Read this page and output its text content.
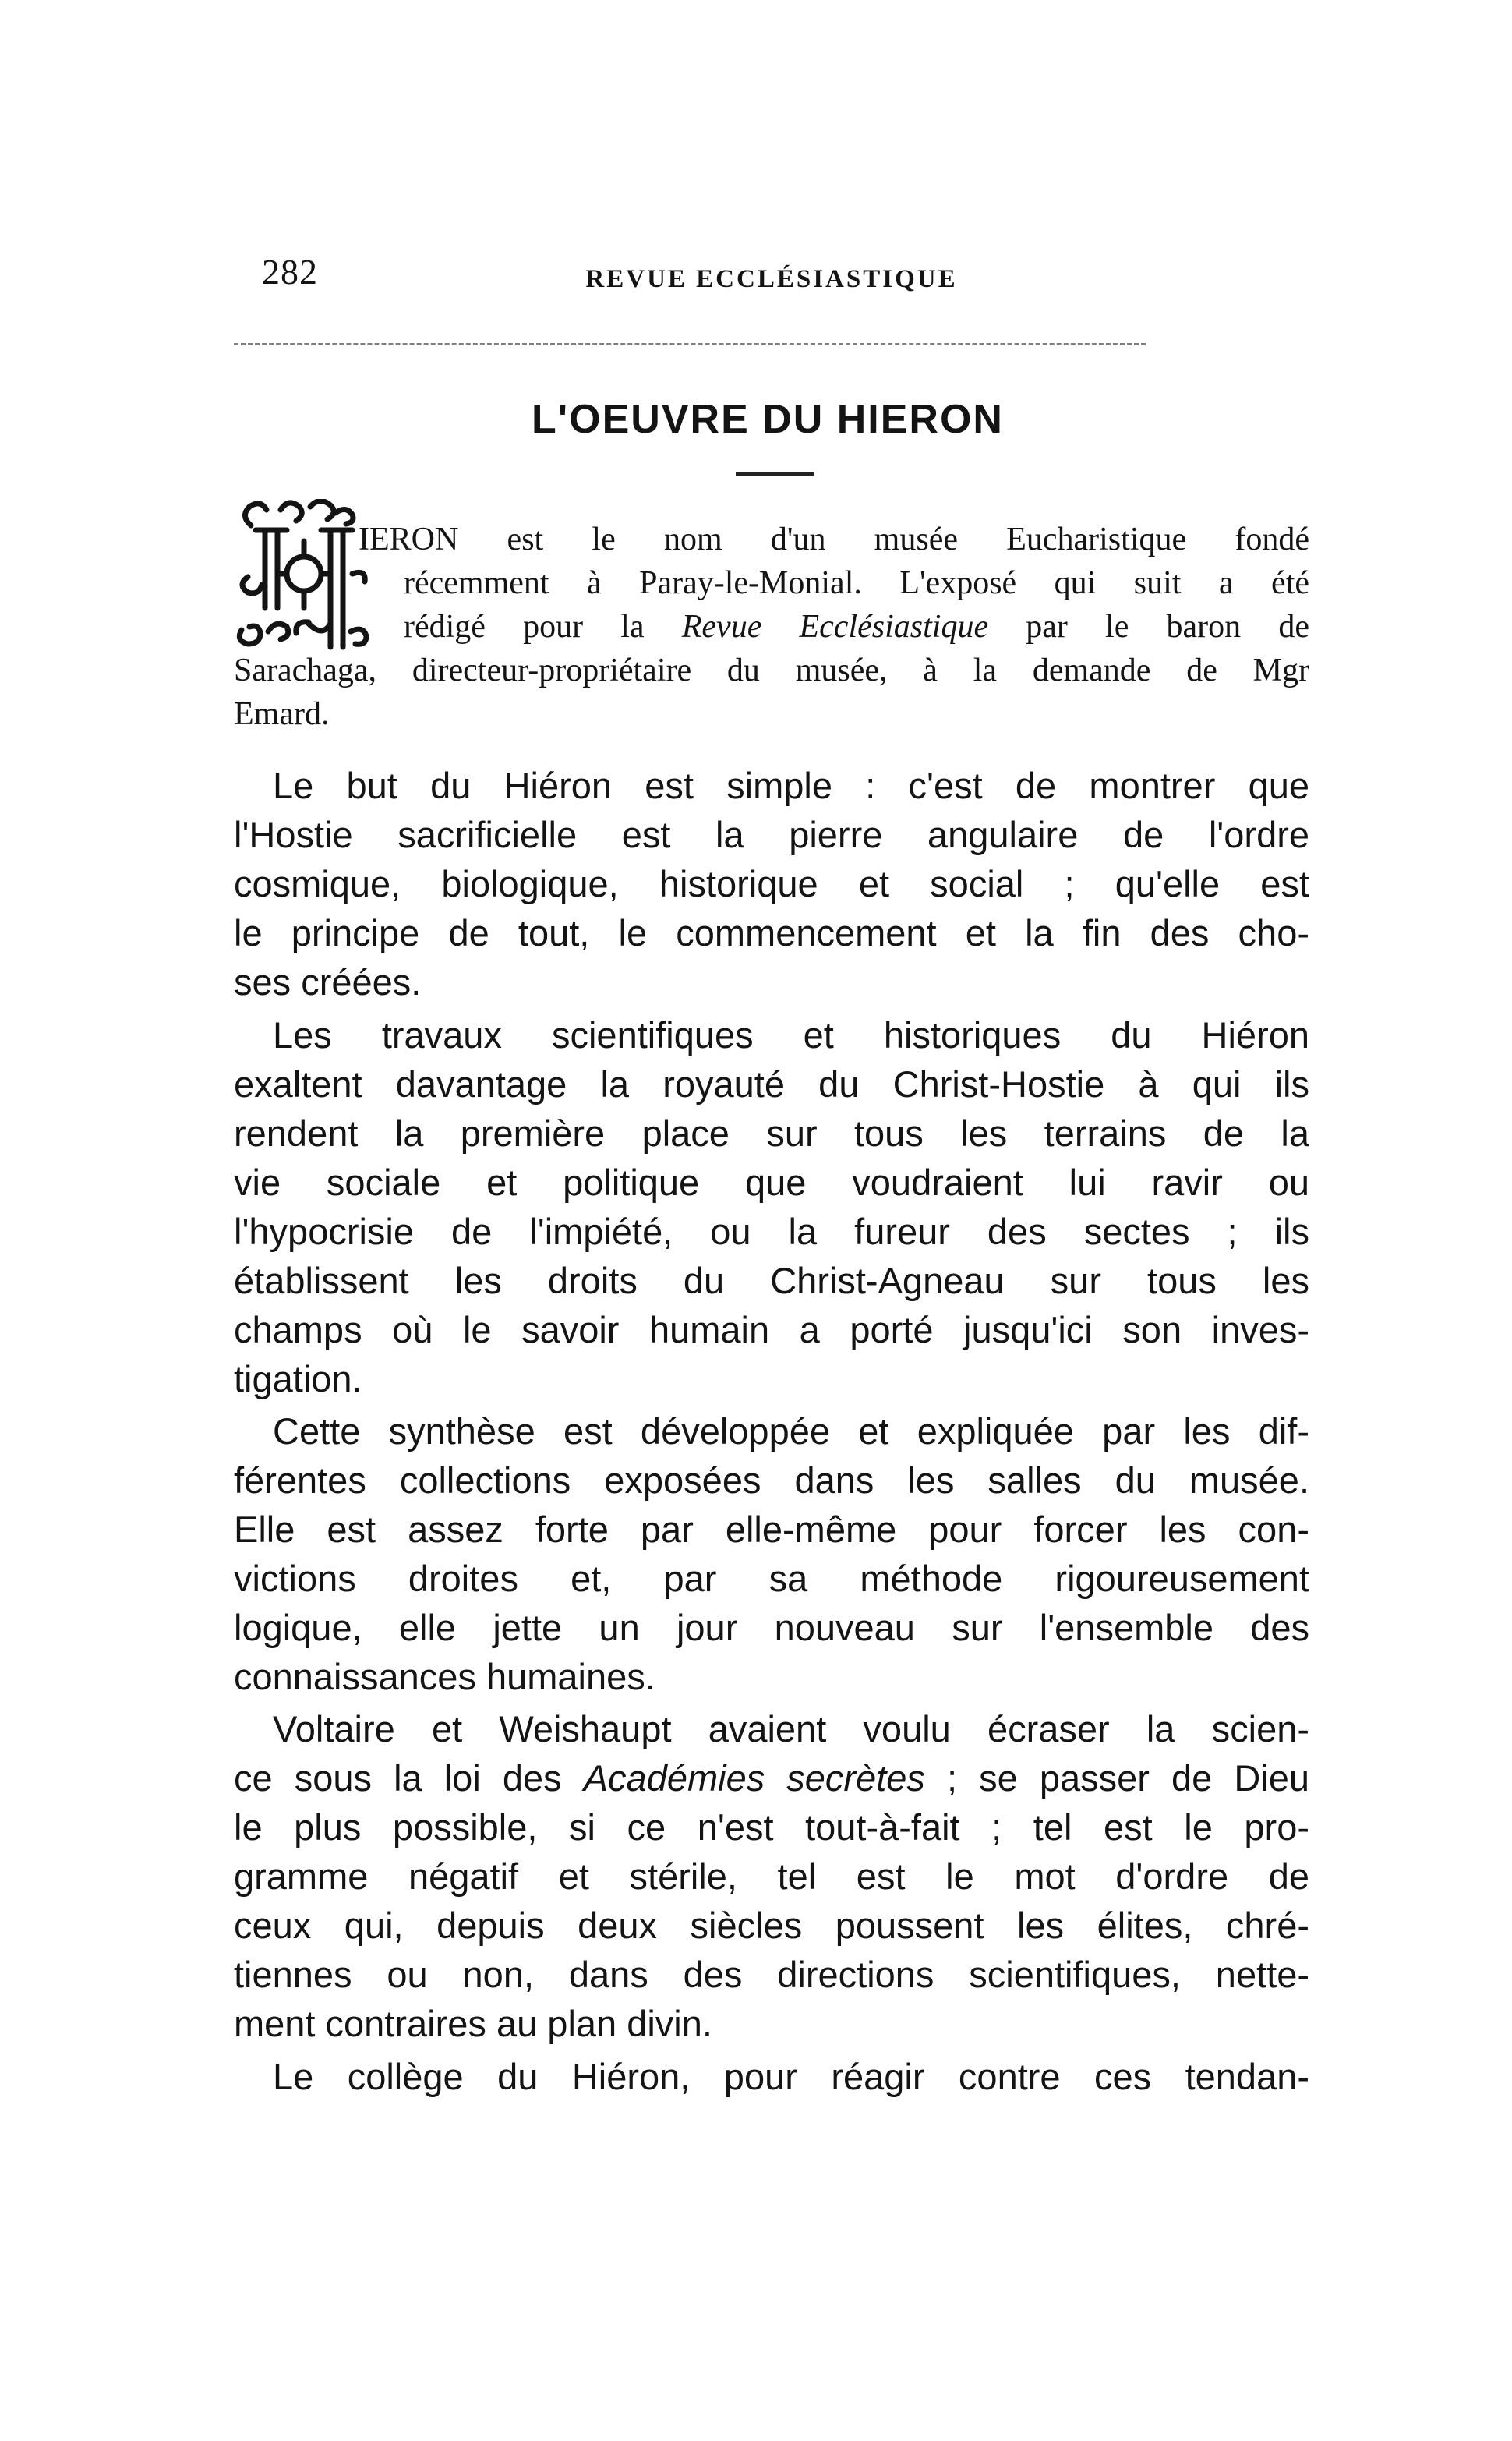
282	REVUE ECCLÉSIASTIQUE
L'OEUVRE DU HIERON
IERON est le nom d'un musée Eucharistique fondé
récemment à Paray-le-Monial. L'exposé qui suit a été
rédigé pour la Revue Ecclésiastique par le baron de
Sarachaga, directeur-propriétaire du musée, à la demande de Mgr
Emard.
Le but du Hiéron est simple : c'est de montrer que
l'Hostie sacrificielle est la pierre angulaire de l'ordre
cosmique, biologique, historique et social ; qu'elle est
le principe de tout, le commencement et la fin des cho-
ses créées.
Les travaux scientifiques et historiques du Hiéron
exaltent davantage la royauté du Christ-Hostie à qui ils
rendent la première place sur tous les terrains de la
vie sociale et politique que voudraient lui ravir ou
l'hypocrisie de l'impiété, ou la fureur des sectes ; ils
établissent les droits du Christ-Agneau sur tous les
champs où le savoir humain a porté jusqu'ici son inves-
tigation.
Cette synthèse est développée et expliquée par les dif-
férentes collections exposées dans les salles du musée.
Elle est assez forte par elle-même pour forcer les con-
victions droites et, par sa méthode rigoureusement
logique, elle jette un jour nouveau sur l'ensemble des
connaissances humaines.
Voltaire et Weishaupt avaient voulu écraser la scien-
ce sous la loi des Académies secrètes ; se passer de Dieu
le plus possible, si ce n'est tout-à-fait ; tel est le pro-
gramme négatif et stérile, tel est le mot d'ordre de
ceux qui, depuis deux siècles poussent les élites, chré-
tiennes ou non, dans des directions scientifiques, nette-
ment contraires au plan divin.
Le collège du Hiéron, pour réagir contre ces tendan-
